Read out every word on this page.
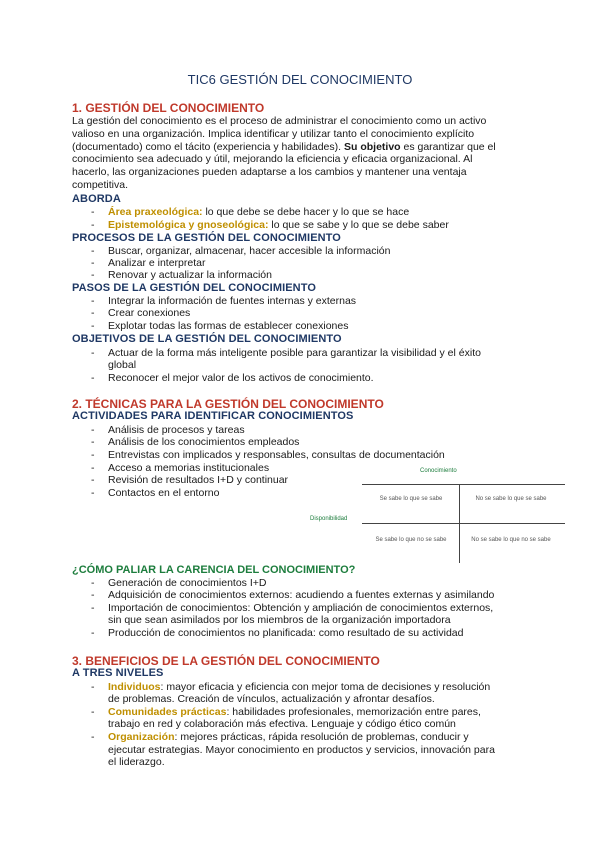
TIC6 GESTIÓN DEL CONOCIMIENTO
1. GESTIÓN DEL CONOCIMIENTO
La gestión del conocimiento es el proceso de administrar el conocimiento como un activo valioso en una organización. Implica identificar y utilizar tanto el conocimiento explícito (documentado) como el tácito (experiencia y habilidades). Su objetivo es garantizar que el conocimiento sea adecuado y útil, mejorando la eficiencia y eficacia organizacional. Al hacerlo, las organizaciones pueden adaptarse a los cambios y mantener una ventaja competitiva.
ABORDA
- Área praxeológica: lo que debe se debe hacer y lo que se hace
- Epistemológica y gnoseológica: lo que se sabe y lo que se debe saber
PROCESOS DE LA GESTIÓN DEL CONOCIMIENTO
- Buscar, organizar, almacenar, hacer accesible la información
- Analizar e interpretar
- Renovar y actualizar la información
PASOS DE LA GESTIÓN DEL CONOCIMIENTO
- Integrar la información de fuentes internas y externas
- Crear conexiones
- Explotar todas las formas de establecer conexiones
OBJETIVOS DE LA GESTIÓN DEL CONOCIMIENTO
- Actuar de la forma más inteligente posible para garantizar la visibilidad y el éxito
global
- Reconocer el mejor valor de los activos de conocimiento.
2. TÉCNICAS PARA LA GESTIÓN DEL CONOCIMIENTO
ACTIVIDADES PARA IDENTIFICAR CONOCIMIENTOS
- Análisis de procesos y tareas
- Análisis de los conocimientos empleados
- Entrevistas con implicados y responsables, consultas de documentación
- Acceso a memorias institucionales
- Revisión de resultados I+D y continuar
- Contactos en el entorno
Conocimiento
Disponibilidad
Se sabe lo que se sabe	No se sabe lo que se sabe
Se sabe lo que no se sabe	No se sabe lo que no se sabe
¿CÓMO PALIAR LA CARENCIA DEL CONOCIMIENTO?
- Generación de conocimientos I+D
- Adquisición de conocimientos externos: acudiendo a fuentes externas y asimilando
- Importación de conocimientos: Obtención y ampliación de conocimientos externos,
sin que sean asimilados por los miembros de la organización importadora
- Producción de conocimientos no planificada: como resultado de su actividad
3. BENEFICIOS DE LA GESTIÓN DEL CONOCIMIENTO
A TRES NIVELES
- Individuos: mayor eficacia y eficiencia con mejor toma de decisiones y resolución
de problemas. Creación de vínculos, actualización y afrontar desafíos.
- Comunidades prácticas: habilidades profesionales, memorización entre pares,
trabajo en red y colaboración más efectiva. Lenguaje y código ético común
- Organización: mejores prácticas, rápida resolución de problemas, conducir y
ejecutar estrategias. Mayor conocimiento en productos y servicios, innovación para
el liderazgo.
